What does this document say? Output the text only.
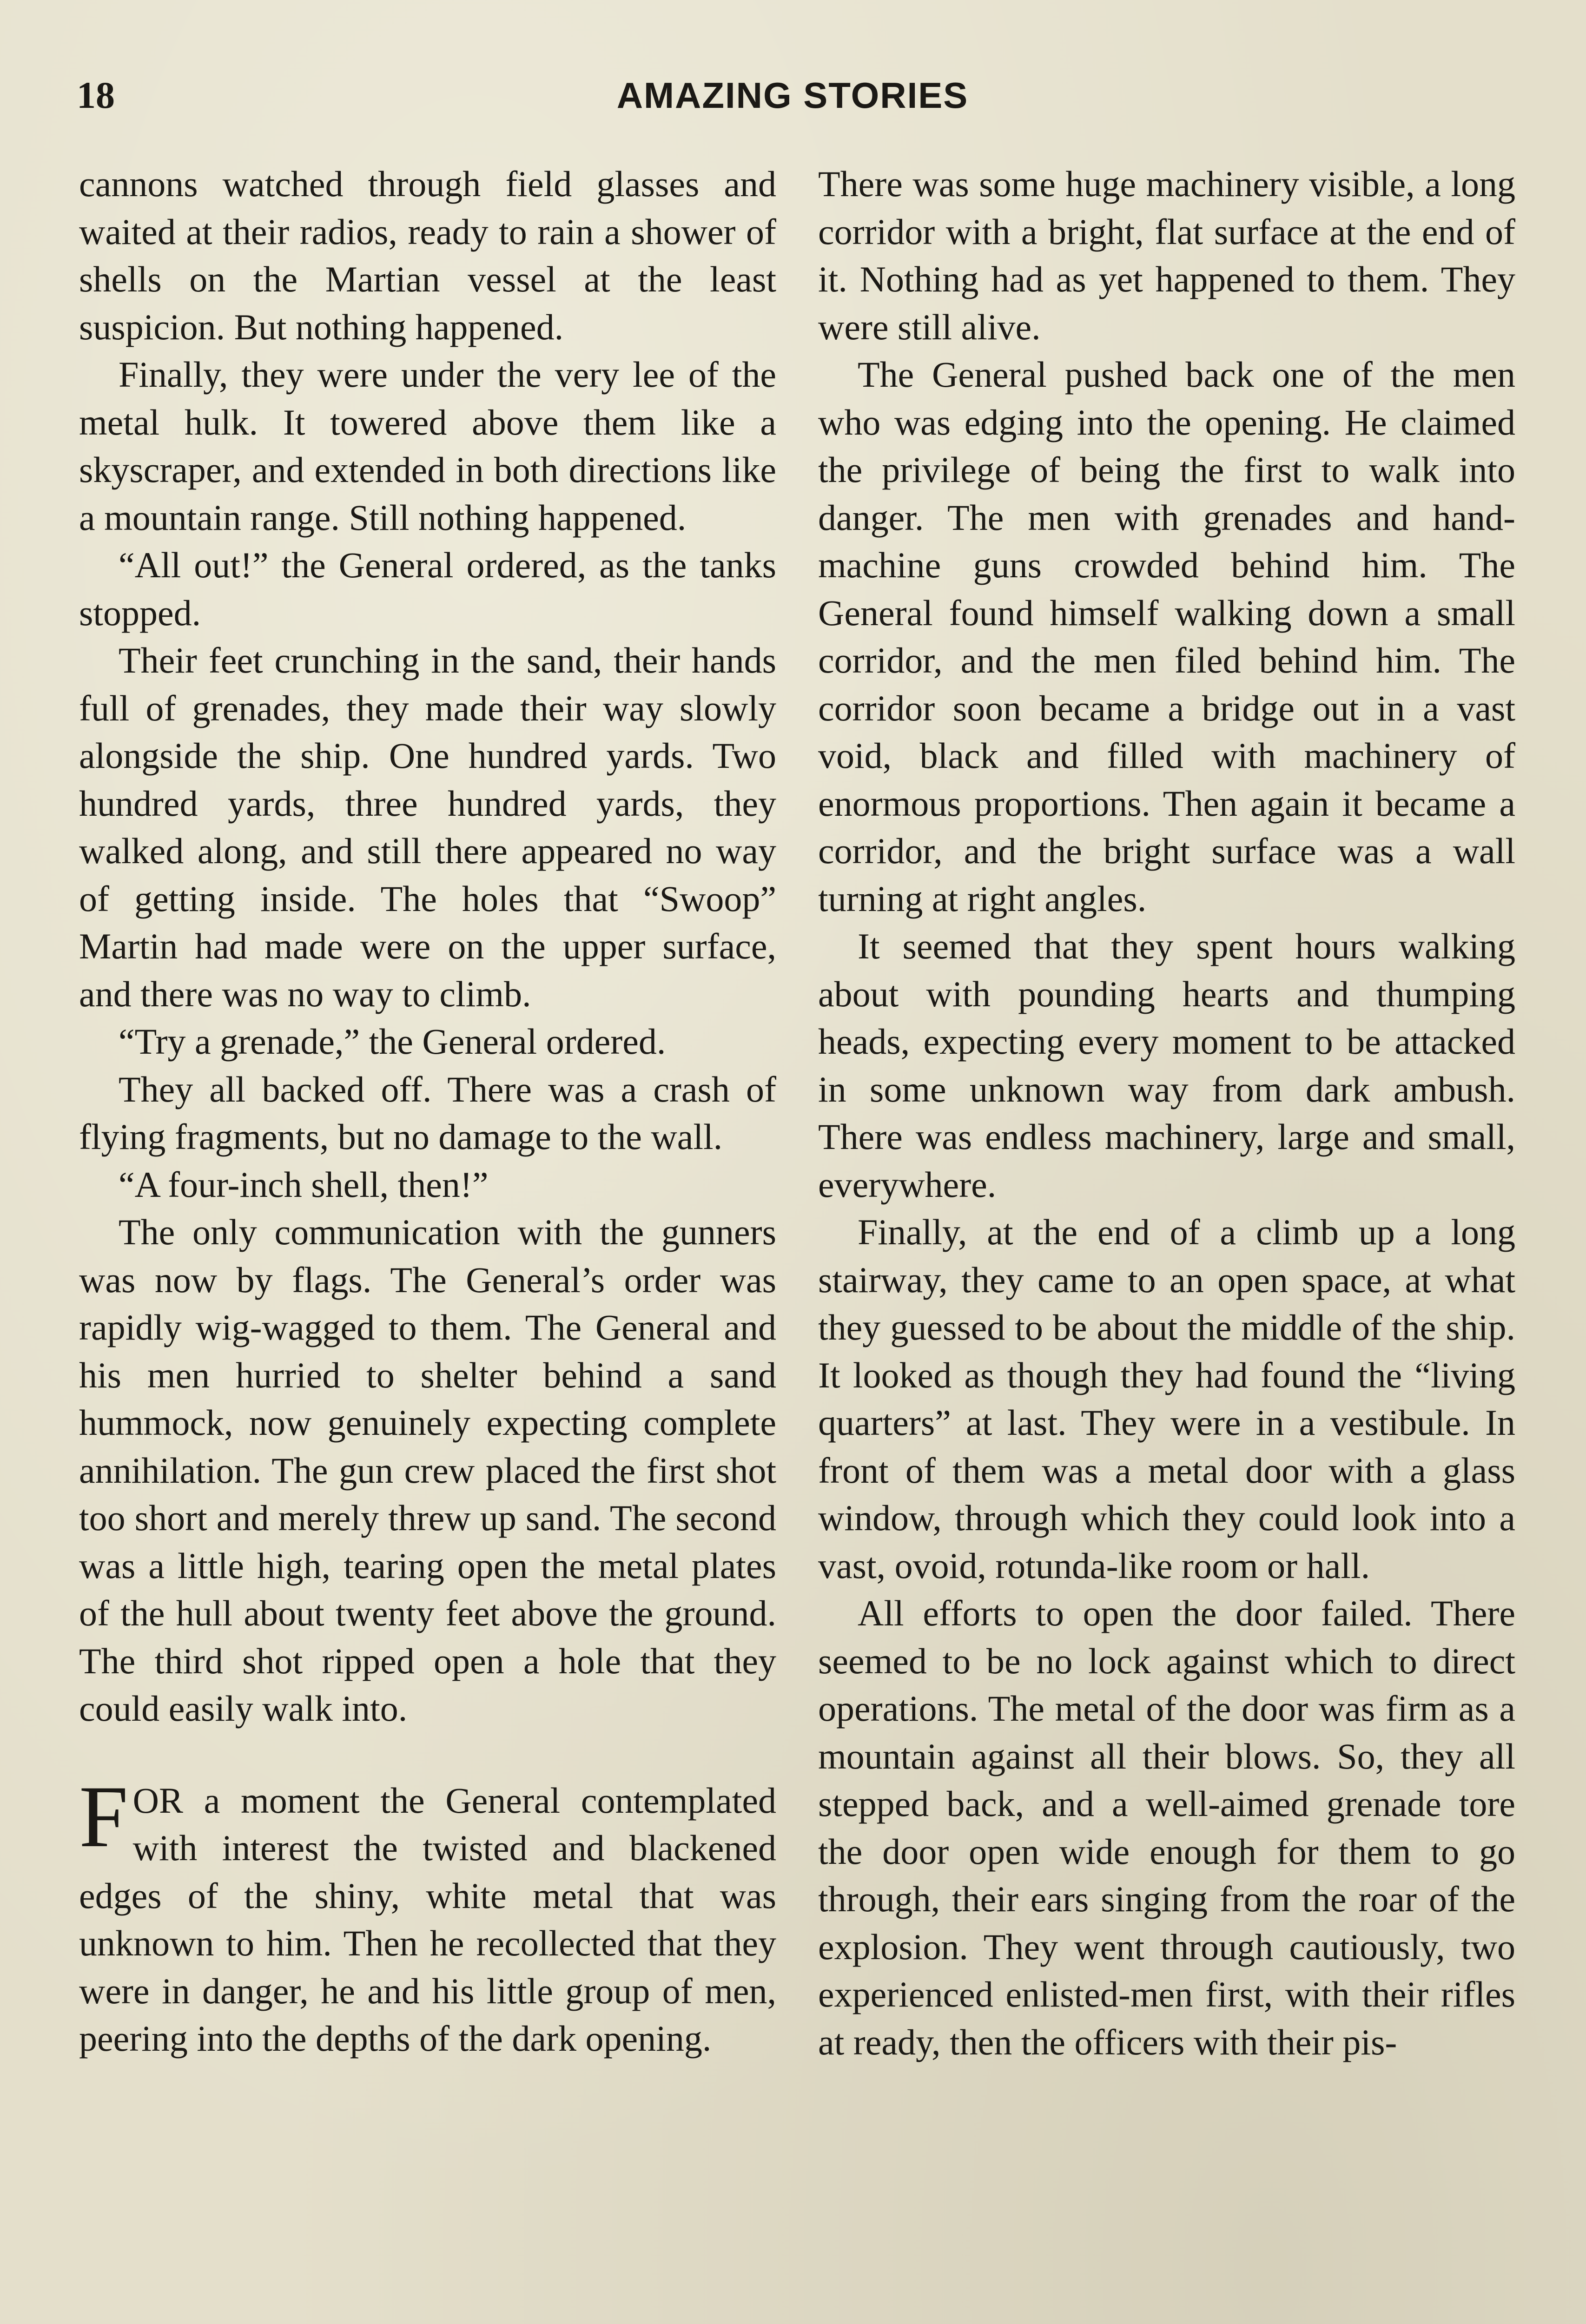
18	AMAZING STORIES

cannons watched through field glasses and waited at their radios, ready to rain a shower of shells on the Martian vessel at the least suspicion. But nothing happened.

Finally, they were under the very lee of the metal hulk. It towered above them like a skyscraper, and extended in both directions like a mountain range. Still nothing happened.

“All out!” the General ordered, as the tanks stopped.

Their feet crunching in the sand, their hands full of grenades, they made their way slowly alongside the ship. One hundred yards. Two hundred yards, three hundred yards, they walked along, and still there appeared no way of getting inside. The holes that “Swoop” Martin had made were on the upper surface, and there was no way to climb.

“Try a grenade,” the General ordered.

They all backed off. There was a crash of flying fragments, but no damage to the wall.

“A four-inch shell, then!”

The only communication with the gunners was now by flags. The General’s order was rapidly wig-wagged to them. The General and his men hurried to shelter behind a sand hummock, now genuinely expecting complete annihilation. The gun crew placed the first shot too short and merely threw up sand. The second was a little high, tearing open the metal plates of the hull about twenty feet above the ground. The third shot ripped open a hole that they could easily walk into.

FOR a moment the General contemplated with interest the twisted and blackened edges of the shiny, white metal that was unknown to him. Then he recollected that they were in danger, he and his little group of men, peering into the depths of the dark opening.

There was some huge machinery visible, a long corridor with a bright, flat surface at the end of it. Nothing had as yet happened to them. They were still alive.

The General pushed back one of the men who was edging into the opening. He claimed the privilege of being the first to walk into danger. The men with grenades and hand-machine guns crowded behind him. The General found himself walking down a small corridor, and the men filed behind him. The corridor soon became a bridge out in a vast void, black and filled with machinery of enormous proportions. Then again it became a corridor, and the bright surface was a wall turning at right angles.

It seemed that they spent hours walking about with pounding hearts and thumping heads, expecting every moment to be attacked in some unknown way from dark ambush. There was endless machinery, large and small, everywhere.

Finally, at the end of a climb up a long stairway, they came to an open space, at what they guessed to be about the middle of the ship. It looked as though they had found the “living quarters” at last. They were in a vestibule. In front of them was a metal door with a glass window, through which they could look into a vast, ovoid, rotunda-like room or hall.

All efforts to open the door failed. There seemed to be no lock against which to direct operations. The metal of the door was firm as a mountain against all their blows. So, they all stepped back, and a well-aimed grenade tore the door open wide enough for them to go through, their ears singing from the roar of the explosion. They went through cautiously, two experienced enlisted-men first, with their rifles at ready, then the officers with their pis-
